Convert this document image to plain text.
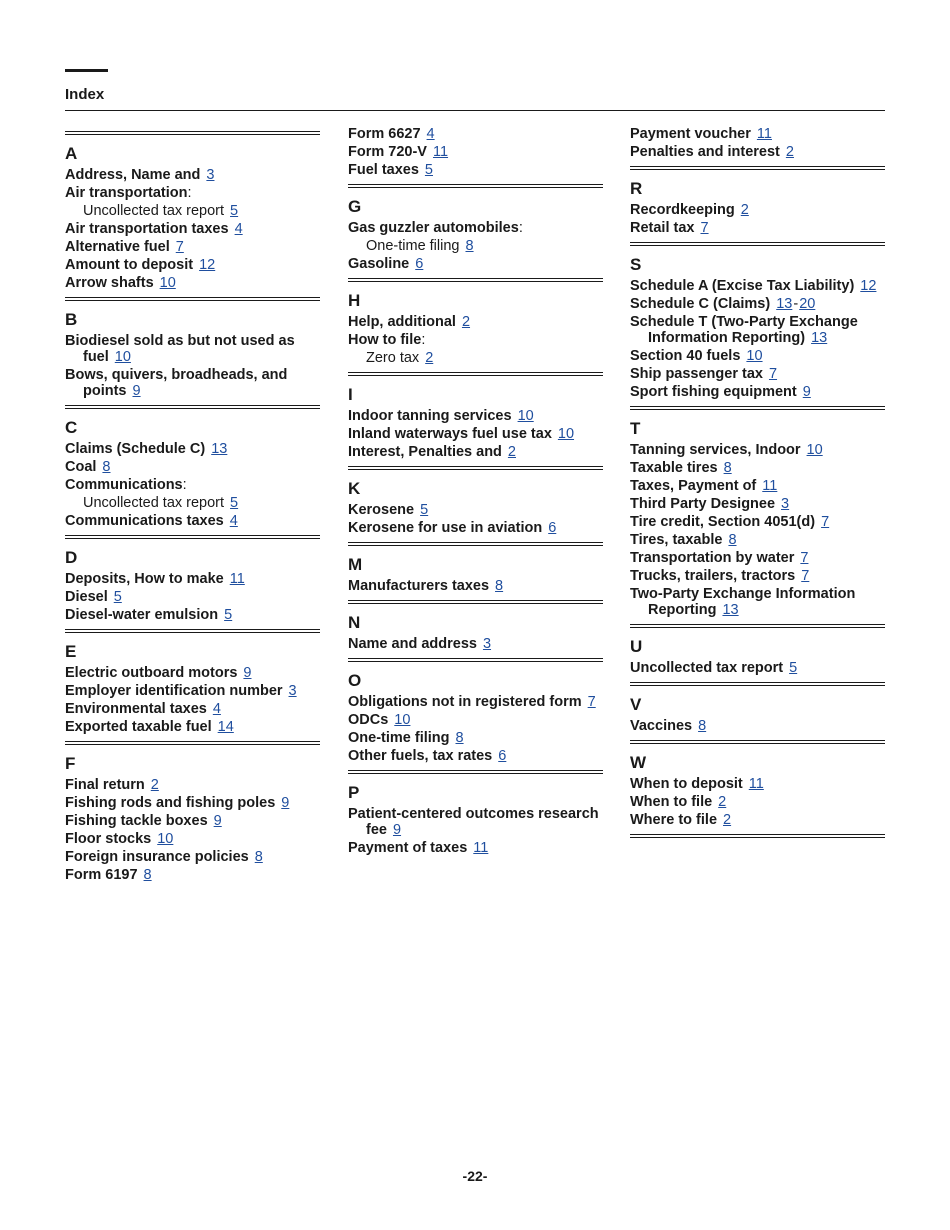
Index
A
Address, Name and 3
Air transportation:
Uncollected tax report 5
Air transportation taxes 4
Alternative fuel 7
Amount to deposit 12
Arrow shafts 10
B
Biodiesel sold as but not used as fuel 10
Bows, quivers, broadheads, and points 9
C
Claims (Schedule C) 13
Coal 8
Communications:
Uncollected tax report 5
Communications taxes 4
D
Deposits, How to make 11
Diesel 5
Diesel-water emulsion 5
E
Electric outboard motors 9
Employer identification number 3
Environmental taxes 4
Exported taxable fuel 14
F
Final return 2
Fishing rods and fishing poles 9
Fishing tackle boxes 9
Floor stocks 10
Foreign insurance policies 8
Form 6197 8
Form 6627 4
Form 720-V 11
Fuel taxes 5
G
Gas guzzler automobiles:
One-time filing 8
Gasoline 6
H
Help, additional 2
How to file:
Zero tax 2
I
Indoor tanning services 10
Inland waterways fuel use tax 10
Interest, Penalties and 2
K
Kerosene 5
Kerosene for use in aviation 6
M
Manufacturers taxes 8
N
Name and address 3
O
Obligations not in registered form 7
ODCs 10
One-time filing 8
Other fuels, tax rates 6
P
Patient-centered outcomes research fee 9
Payment of taxes 11
Payment voucher 11
Penalties and interest 2
R
Recordkeeping 2
Retail tax 7
S
Schedule A (Excise Tax Liability) 12
Schedule C (Claims) 13-20
Schedule T (Two-Party Exchange Information Reporting) 13
Section 40 fuels 10
Ship passenger tax 7
Sport fishing equipment 9
T
Tanning services, Indoor 10
Taxable tires 8
Taxes, Payment of 11
Third Party Designee 3
Tire credit, Section 4051(d) 7
Tires, taxable 8
Transportation by water 7
Trucks, trailers, tractors 7
Two-Party Exchange Information Reporting 13
U
Uncollected tax report 5
V
Vaccines 8
W
When to deposit 11
When to file 2
Where to file 2
-22-
